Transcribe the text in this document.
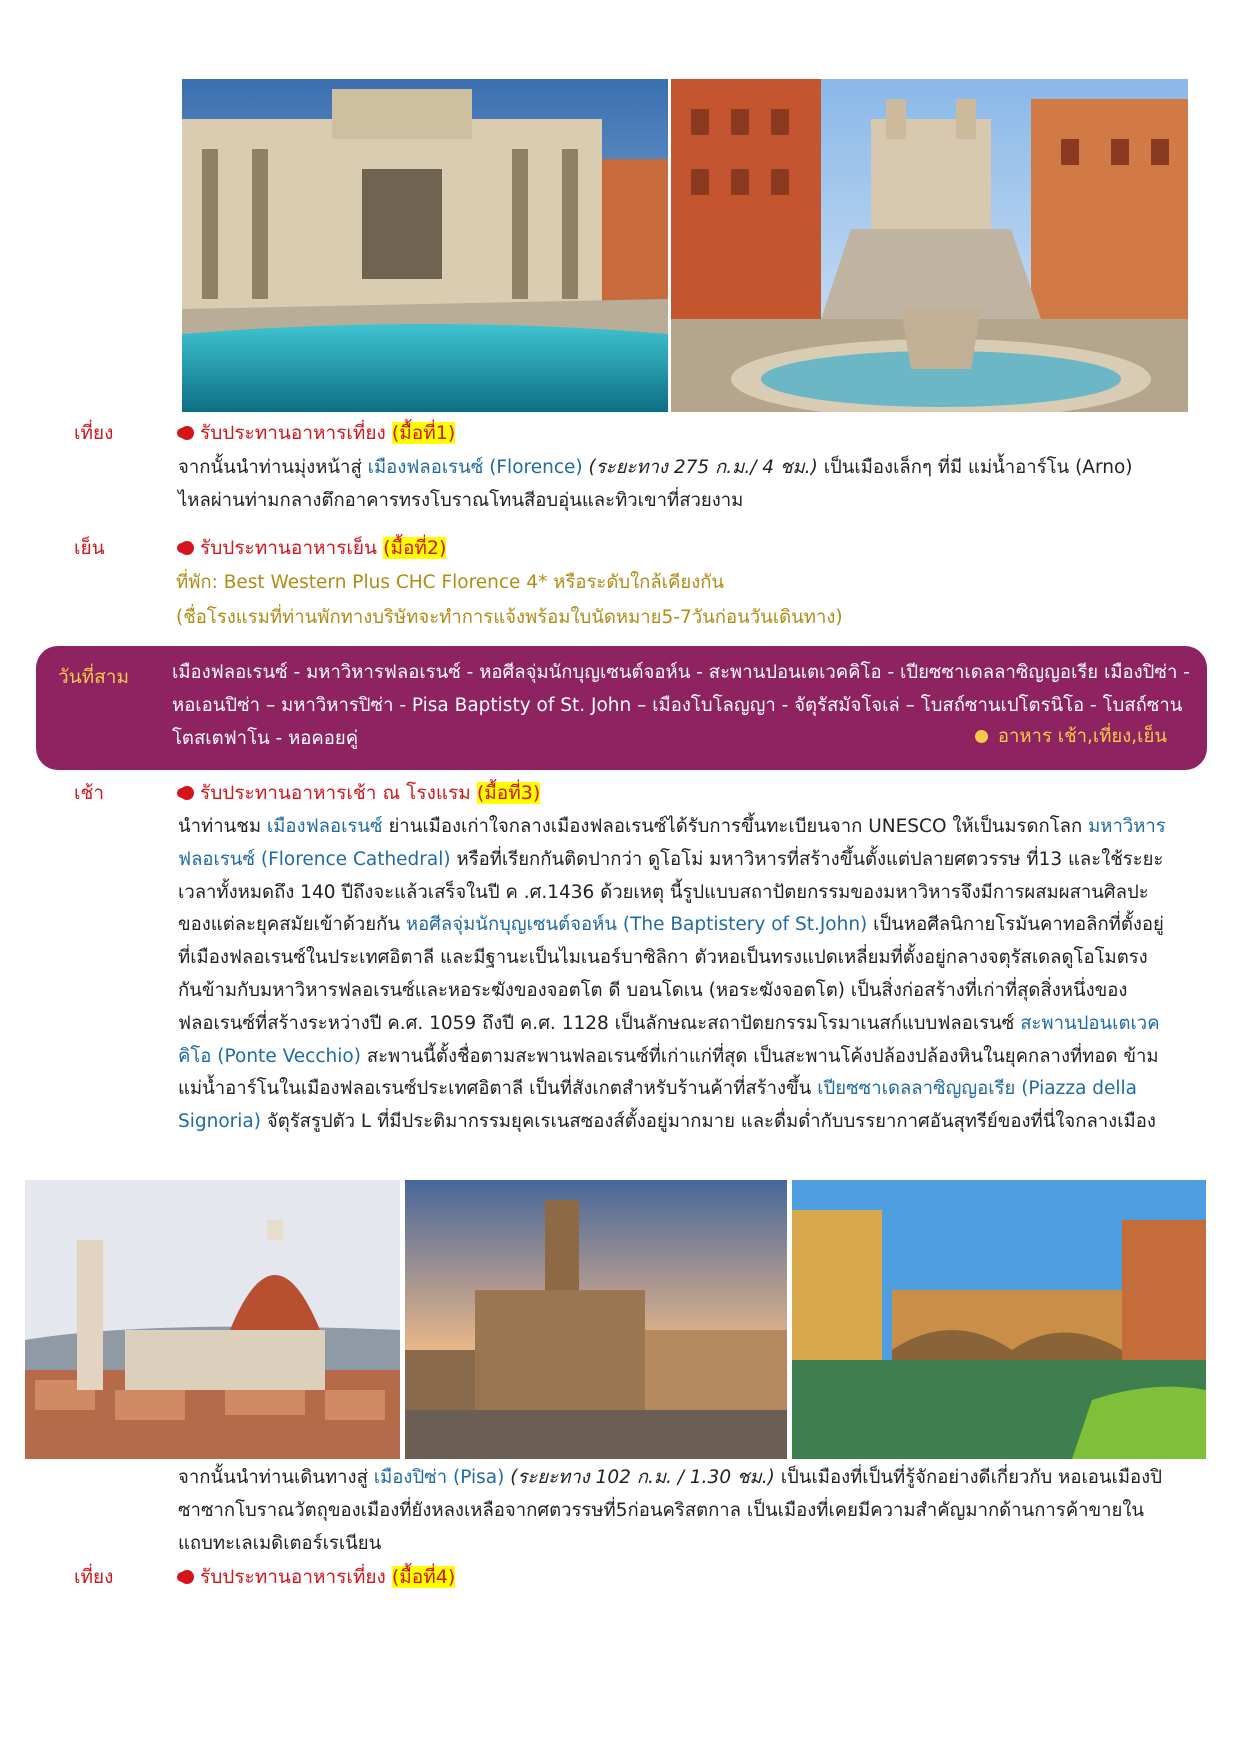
เที่ยง	รับประทานอาหารเที่ยง (มื้อที่1)
จากนั้นนำท่านมุ่งหน้าสู่ เมืองฟลอเรนซ์ (Florence) (ระยะทาง 275 ก.ม./ 4 ชม.) เป็นเมืองเล็กๆ ที่มี แม่น้ำอาร์โน (Arno) ไหลผ่านท่ามกลางตึกอาคารทรงโบราณโทนสีอบอุ่นและทิวเขาที่สวยงาม
เย็น	รับประทานอาหารเย็น (มื้อที่2)
ที่พัก: Best Western Plus CHC Florence 4* หรือระดับใกล้เคียงกัน
(ชื่อโรงแรมที่ท่านพักทางบริษัทจะทำการแจ้งพร้อมใบนัดหมาย5-7วันก่อนวันเดินทาง)
วันที่สาม เมืองฟลอเรนซ์ - มหาวิหารฟลอเรนซ์ - หอศีลจุ่มนักบุญเซนต์จอห์น - สะพานปอนเตเวคคิโอ - เปียซซาเดลลาซิญญอเรีย เมืองปิซ่า - หอเอนปิซ่า – มหาวิหารปิซ่า - Pisa Baptisty of St. John – เมืองโบโลญญา - จัตุรัสมัจโจเล่ – โบสถ์ซานเปโตรนิโอ - โบสถ์ซานโตสเตฟาโน - หอคอยคู่	อาหาร เช้า,เที่ยง,เย็น
เช้า	รับประทานอาหารเช้า ณ โรงแรม (มื้อที่3)
นำท่านชม เมืองฟลอเรนซ์ ย่านเมืองเก่าใจกลางเมืองฟลอเรนซ์ได้รับการขึ้นทะเบียนจาก UNESCO ให้เป็นมรดกโลก มหาวิหารฟลอเรนซ์ (Florence Cathedral) หรือที่เรียกกันติดปากว่า ดูโอโม่ มหาวิหารที่สร้างขึ้นตั้งแต่ปลายศตวรรษ ที่13 และใช้ระยะเวลาทั้งหมดถึง 140 ปีถึงจะแล้วเสร็จในปี ค .ศ.1436 ด้วยเหตุ นี้รูปแบบสถาปัตยกรรมของมหาวิหารจึงมีการผสมผสานศิลปะของแต่ละยุคสมัยเข้าด้วยกัน หอศีลจุ่มนักบุญเซนต์จอห์น (The Baptistery of St.John) เป็นหอศีลนิกายโรมันคาทอลิกที่ตั้งอยู่ที่เมืองฟลอเรนซ์ในประเทศอิตาลี และมีฐานะเป็นไมเนอร์บาซิลิกา ตัวหอเป็นทรงแปดเหลี่ยมที่ตั้งอยู่กลางจตุรัสเดลดูโอโมตรงกันข้ามกับมหาวิหารฟลอเรนซ์และหอระฆังของจอตโต ดี บอนโดเน (หอระฆังจอตโต) เป็นสิ่งก่อสร้างที่เก่าที่สุดสิ่งหนึ่งของฟลอเรนซ์ที่สร้างระหว่างปี ค.ศ. 1059 ถึงปี ค.ศ. 1128 เป็นลักษณะสถาปัตยกรรมโรมาเนสก์แบบฟลอเรนซ์ สะพานปอนเตเวคคิโอ (Ponte Vecchio) สะพานนี้ตั้งชื่อตามสะพานฟลอเรนซ์ที่เก่าแก่ที่สุด เป็นสะพานโค้งปล้องปล้องหินในยุคกลางที่ทอด ข้ามแม่น้ำอาร์โนในเมืองฟลอเรนซ์ประเทศอิตาลี เป็นที่สังเกตสำหรับร้านค้าที่สร้างขึ้น เปียซซาเดลลาซิญญอเรีย (Piazza della Signoria) จัตุรัสรูปตัว L ที่มีประติมากรรมยุคเรเนสซองส์ตั้งอยู่มากมาย และดื่มด่ำกับบรรยากาศอันสุทรีย์ของที่นี่ใจกลางเมือง
จากนั้นนำท่านเดินทางสู่ เมืองปิซ่า (Pisa) (ระยะทาง 102 ก.ม. / 1.30 ชม.) เป็นเมืองที่เป็นที่รู้จักอย่างดีเกี่ยวกับ หอเอนเมืองปิซาซากโบราณวัตถุของเมืองที่ยังหลงเหลือจากศตวรรษที่5ก่อนคริสตกาล เป็นเมืองที่เคยมีความสำคัญมากด้านการค้าขายในแถบทะเลเมดิเตอร์เรเนียน
เที่ยง	รับประทานอาหารเที่ยง (มื้อที่4)
